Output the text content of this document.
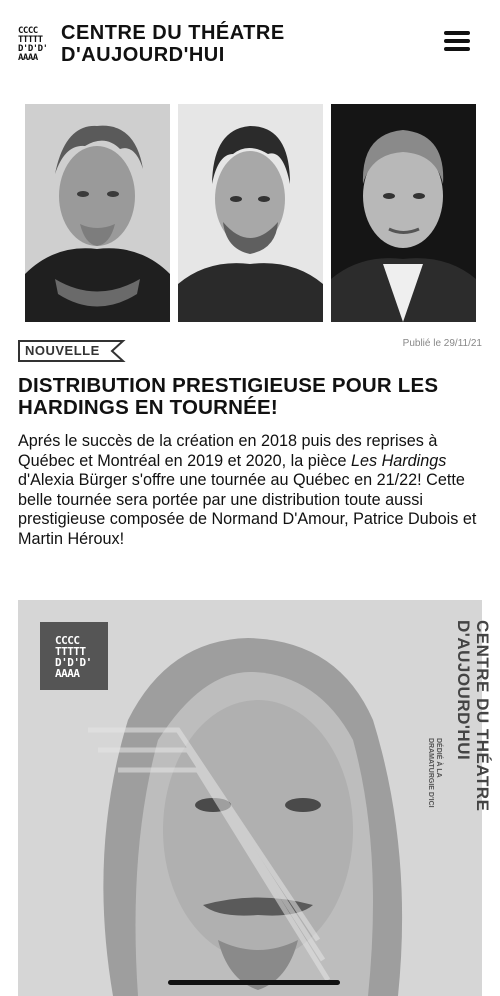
CCCC
TTTTT
D'D'D'
AAAA
CENTRE DU THÉATRE
D'AUJOURD'HUI
NOUVELLE	Publié le 29/11/21
DISTRIBUTION PRESTIGIEUSE POUR LES HARDINGS EN TOURNÉE!

Aprés le succès de la création en 2018 puis des reprises à Québec et Montréal en 2019 et 2020, la pièce Les Hardings d'Alexia Bürger s'offre une tournée au Québec en 21/22! Cette belle tournée sera portée par une distribution toute aussi prestigieuse composée de Normand D'Amour, Patrice Dubois et Martin Héroux!

CCCC
TTTTT
D'D'D'
AAAA	CENTRE DU THÉATRE
D'AUJOURD'HUI
DÉDIÉ À LA
DRAMATURGIE D'ICI
